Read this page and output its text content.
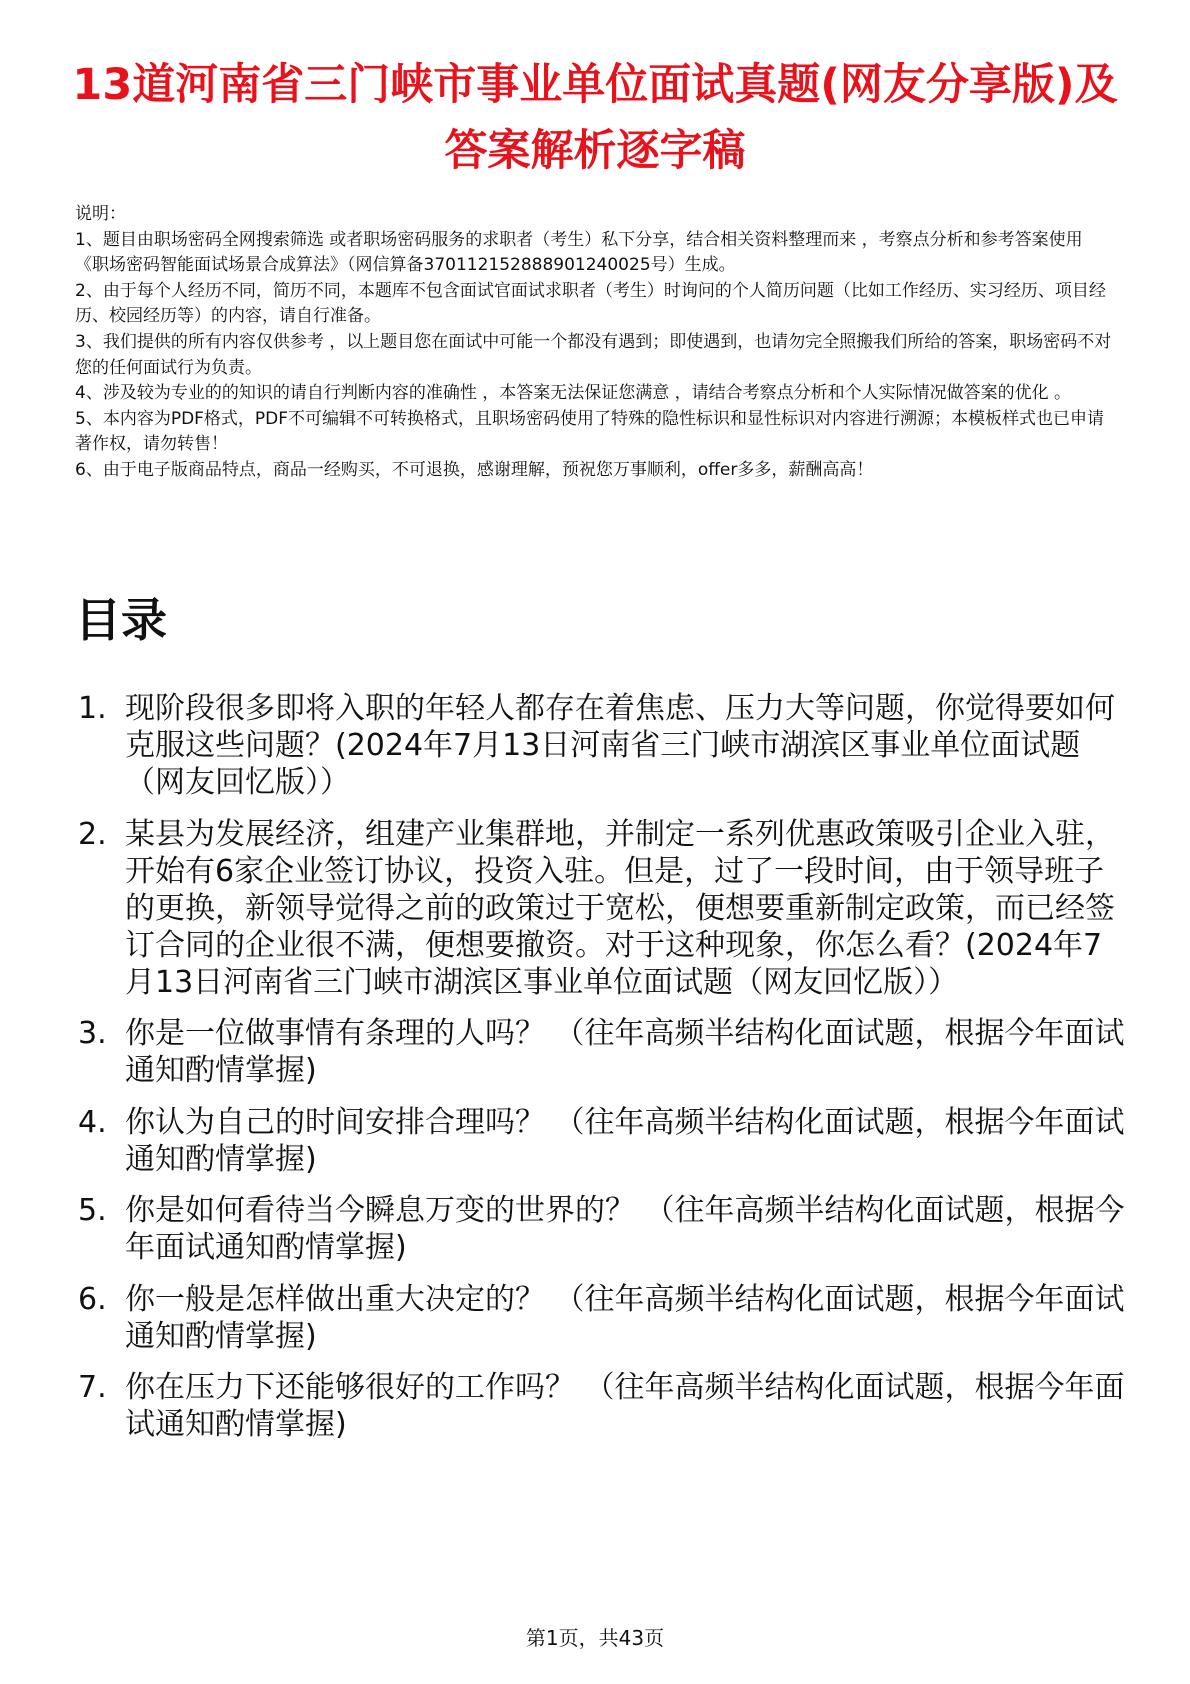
13道河南省三门峡市事业单位面试真题(网友分享版)及答案解析逐字稿

说明：

1、题目由职场密码全网搜索筛选 或者职场密码服务的求职者（考生）私下分享，结合相关资料整理而来 ，考察点分析和参考答案使用《职场密码智能面试场景合成算法》（网信算备370112152888901240025号）生成。

2、由于每个人经历不同，简历不同，本题库不包含面试官面试求职者（考生）时询问的个人简历问题（比如工作经历、实习经历、项目经历、校园经历等）的内容，请自行准备。

3、我们提供的所有内容仅供参考 ，以上题目您在面试中可能一个都没有遇到；即使遇到，也请勿完全照搬我们所给的答案，职场密码不对您的任何面试行为负责。

4、涉及较为专业的的知识的请自行判断内容的准确性 ，本答案无法保证您满意 ，请结合考察点分析和个人实际情况做答案的优化 。

5、本内容为PDF格式，PDF不可编辑不可转换格式，且职场密码使用了特殊的隐性标识和显性标识对内容进行溯源；本模板样式也已申请著作权，请勿转售！

6、由于电子版商品特点，商品一经购买，不可退换，感谢理解，预祝您万事顺利，offer多多，薪酬高高！

目录
1. 现阶段很多即将入职的年轻人都存在着焦虑、压力大等问题，你觉得要如何克服这些问题？(2024年7月13日河南省三门峡市湖滨区事业单位面试题（网友回忆版））
2. 某县为发展经济，组建产业集群地，并制定一系列优惠政策吸引企业入驻，开始有6家企业签订协议，投资入驻。但是，过了一段时间，由于领导班子的更换，新领导觉得之前的政策过于宽松，便想要重新制定政策，而已经签订合同的企业很不满，便想要撤资。对于这种现象，你怎么看？(2024年7月13日河南省三门峡市湖滨区事业单位面试题（网友回忆版））
3. 你是一位做事情有条理的人吗？ （往年高频半结构化面试题，根据今年面试通知酌情掌握)
4. 你认为自己的时间安排合理吗？ （往年高频半结构化面试题，根据今年面试通知酌情掌握)
5. 你是如何看待当今瞬息万变的世界的？ （往年高频半结构化面试题，根据今年面试通知酌情掌握)
6. 你一般是怎样做出重大决定的？ （往年高频半结构化面试题，根据今年面试通知酌情掌握)
7. 你在压力下还能够很好的工作吗？ （往年高频半结构化面试题，根据今年面试通知酌情掌握)
第1页，共43页
